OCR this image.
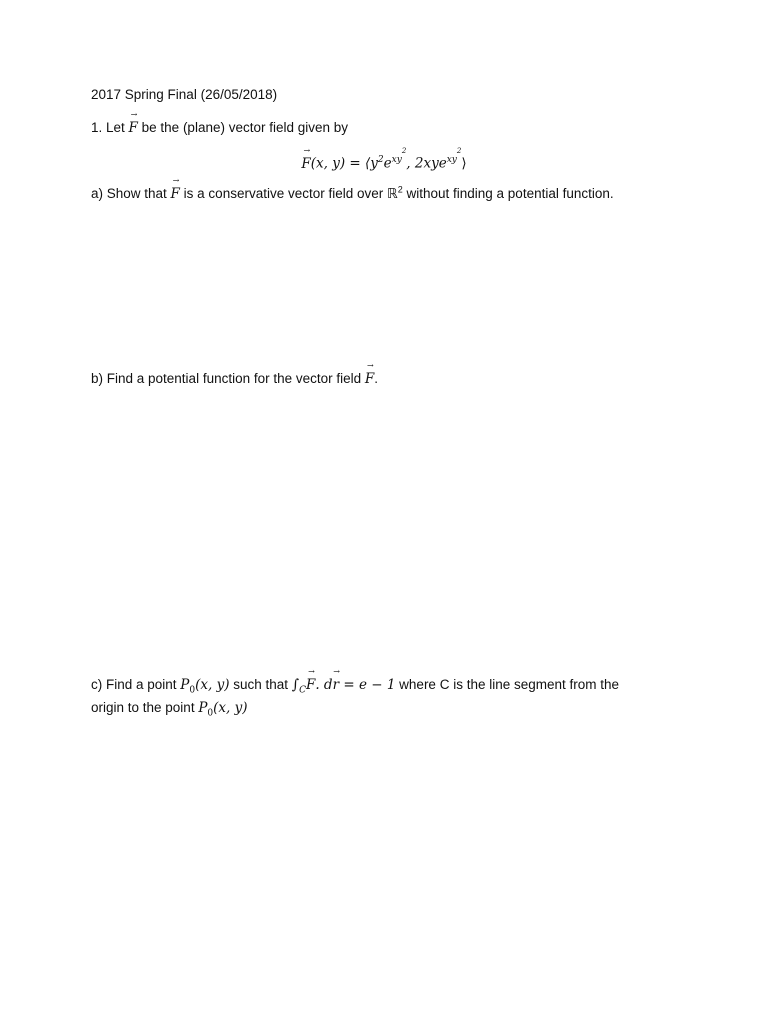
2017 Spring Final (26/05/2018)
1. Let → F be the (plane) vector field given by
→ F(x, $y) = ⟨y^2e^{xy^2}$, 2xye$^{xy^2}$⟩
a) Show that → F is a conservative vector field over ℝ$^2$ without finding a potential function.
b) Find a potential function for the vector field → F.
c) Find a point $P_0(x$, y) such that $\int_C\to F$. d→ r = e − 1 where C is the line segment from the
origin to the point $P_0(x$, y)
